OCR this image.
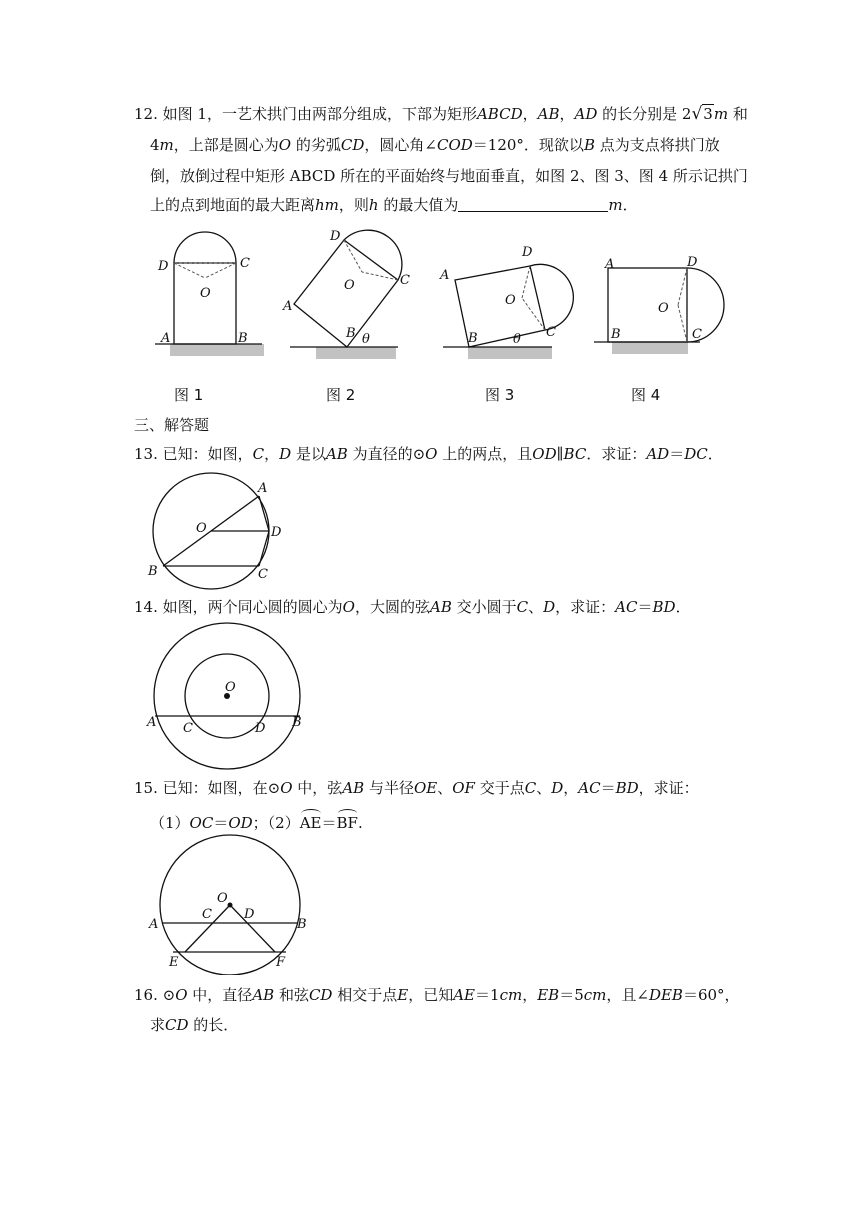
12. 如图 1，一艺术拱门由两部分组成，下部为矩形ABCD，AB，AD 的长分别是 2√3m 和
4m，上部是圆心为O 的劣弧CD，圆心角∠COD＝120°．现欲以B 点为支点将拱门放
倒，放倒过程中矩形 ABCD 所在的平面始终与地面垂直，如图 2、图 3、图 4 所示记拱门
上的点到地面的最大距离hm，则h 的最大值为	m．
D	C
O
A	B
D
C
O
A
B θ
D
C
O
A
B	θ
A	D
O
B	C
图 1	图 2	图 3	图 4
三、解答题
13. 已知：如图，C，D 是以AB 为直径的⊙O 上的两点，且OD∥BC．求证：AD＝DC．
A
O	D
B	C
14. 如图，两个同心圆的圆心为O，大圆的弦AB 交小圆于C、D，求证：AC＝BD．
O
A C	D B
15. 已知：如图，在⊙O 中，弦AB 与半径OE、OF 交于点C、D，AC＝BD，求证：
（1）OC＝OD；（2）AE＝BF.
O
C D
A	B
E	F
16. ⊙O 中，直径AB 和弦CD 相交于点E，已知AE＝1cm，EB＝5cm，且∠DEB＝60°，
求CD 的长．
